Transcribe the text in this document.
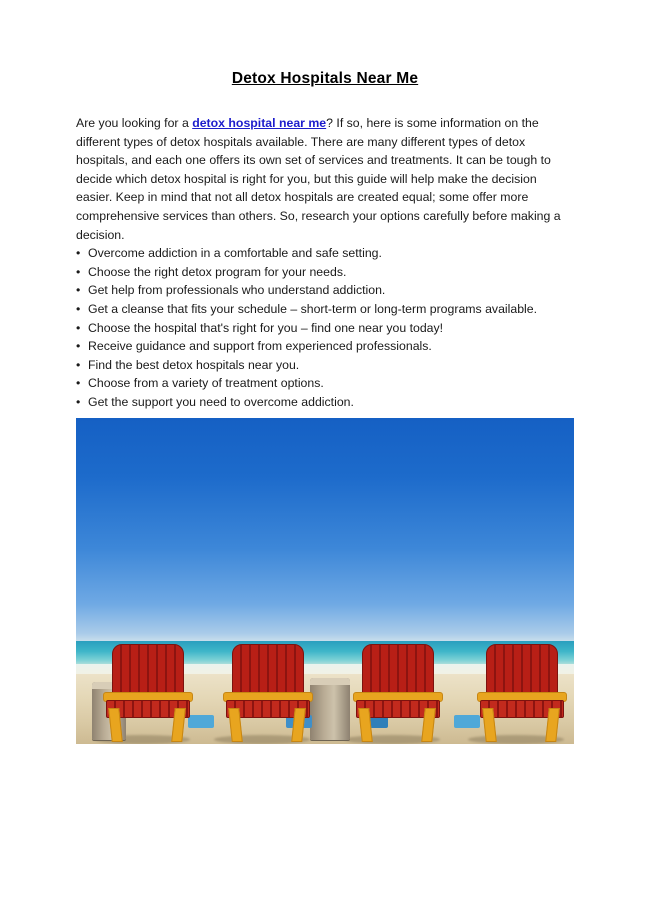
Detox Hospitals Near Me

Are you looking for a detox hospital near me? If so, here is some information on the different types of detox hospitals available. There are many different types of detox hospitals, and each one offers its own set of services and treatments. It can be tough to decide which detox hospital is right for you, but this guide will help make the decision easier. Keep in mind that not all detox hospitals are created equal; some offer more comprehensive services than others. So, research your options carefully before making a decision.

• Overcome addiction in a comfortable and safe setting.
• Choose the right detox program for your needs.
• Get help from professionals who understand addiction.
• Get a cleanse that fits your schedule – short-term or long-term programs available.
• Choose the hospital that's right for you – find one near you today!
• Receive guidance and support from experienced professionals.
• Find the best detox hospitals near you.
• Choose from a variety of treatment options.
• Get the support you need to overcome addiction.
